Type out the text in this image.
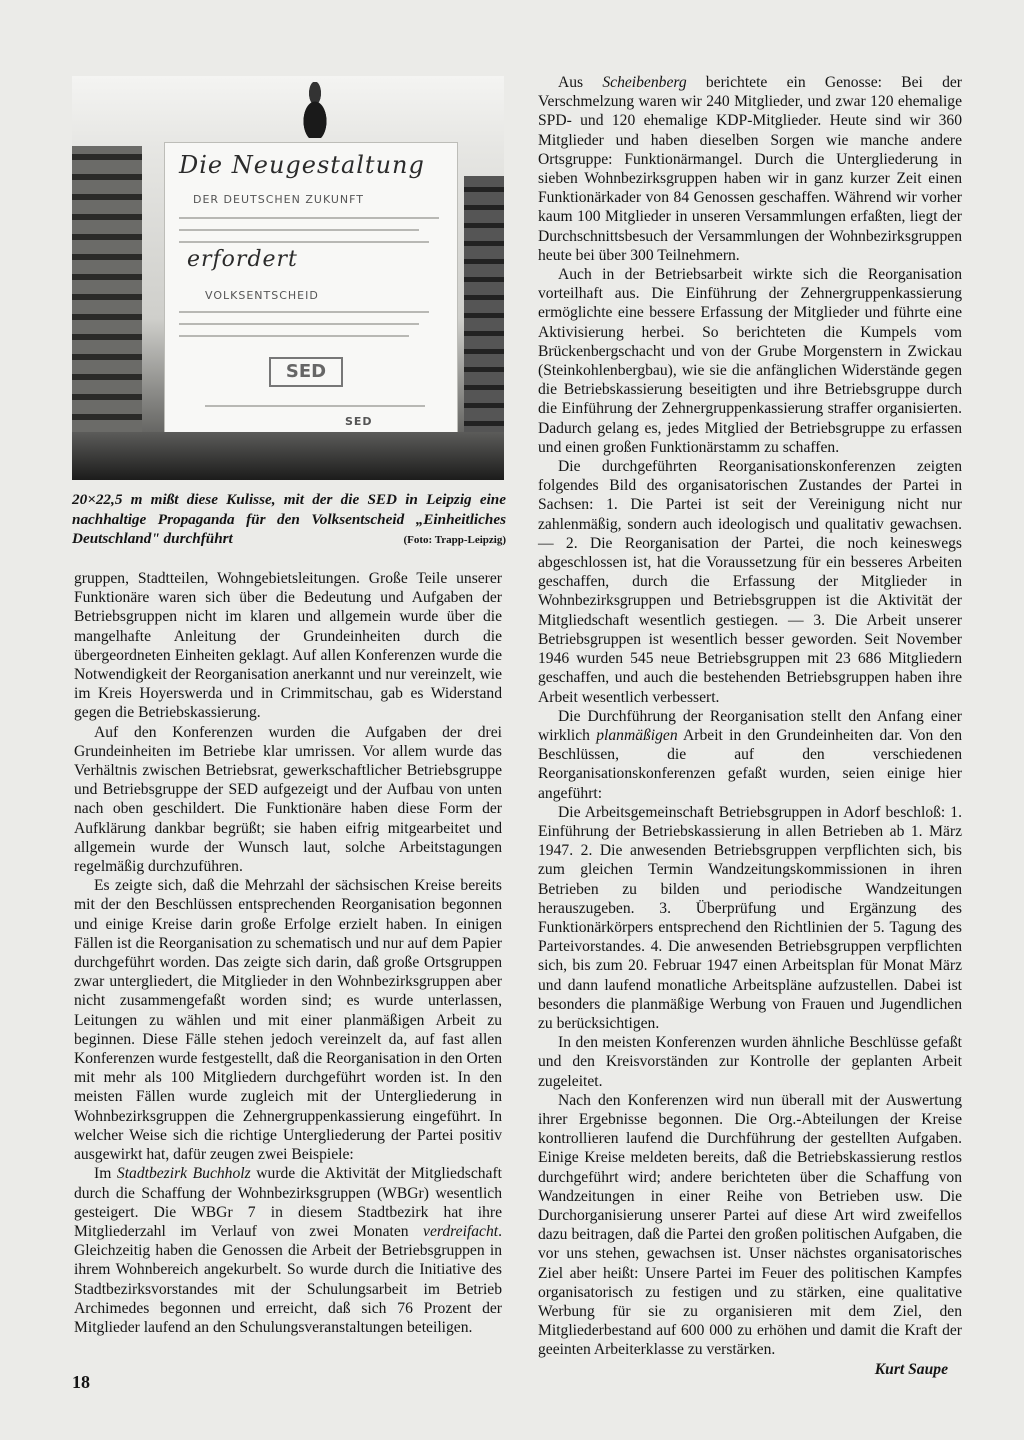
Die Neugestaltung
DER DEUTSCHEN ZUKUNFT
erfordert
VOLKSENTSCHEID
SED
SED
20×22,5 m mißt diese Kulisse, mit der die SED in Leipzig eine nachhaltige Propaganda für den Volksentscheid „Einheitliches Deutschland" durchführt	(Foto: Trapp-Leipzig)

gruppen, Stadtteilen, Wohngebietsleitungen. Große Teile unserer Funktionäre waren sich über die Bedeutung und Aufgaben der Betriebsgruppen nicht im klaren und allgemein wurde über die mangelhafte Anleitung der Grundeinheiten durch die übergeordneten Einheiten geklagt. Auf allen Konferenzen wurde die Notwendigkeit der Reorganisation anerkannt und nur vereinzelt, wie im Kreis Hoyerswerda und in Crimmitschau, gab es Widerstand gegen die Betriebskassierung.

Auf den Konferenzen wurden die Aufgaben der drei Grundeinheiten im Betriebe klar umrissen. Vor allem wurde das Verhältnis zwischen Betriebsrat, gewerkschaftlicher Betriebsgruppe und Betriebsgruppe der SED aufgezeigt und der Aufbau von unten nach oben geschildert. Die Funktionäre haben diese Form der Aufklärung dankbar begrüßt; sie haben eifrig mitgearbeitet und allgemein wurde der Wunsch laut, solche Arbeitstagungen regelmäßig durchzuführen.

Es zeigte sich, daß die Mehrzahl der sächsischen Kreise bereits mit der den Beschlüssen entsprechenden Reorganisation begonnen und einige Kreise darin große Erfolge erzielt haben. In einigen Fällen ist die Reorganisation zu schematisch und nur auf dem Papier durchgeführt worden. Das zeigte sich darin, daß große Ortsgruppen zwar untergliedert, die Mitglieder in den Wohnbezirksgruppen aber nicht zusammengefaßt worden sind; es wurde unterlassen, Leitungen zu wählen und mit einer planmäßigen Arbeit zu beginnen. Diese Fälle stehen jedoch vereinzelt da, auf fast allen Konferenzen wurde festgestellt, daß die Reorganisation in den Orten mit mehr als 100 Mitgliedern durchgeführt worden ist. In den meisten Fällen wurde zugleich mit der Untergliederung in Wohnbezirksgruppen die Zehnergruppenkassierung eingeführt. In welcher Weise sich die richtige Untergliederung der Partei positiv ausgewirkt hat, dafür zeugen zwei Beispiele:

Im Stadtbezirk Buchholz wurde die Aktivität der Mitgliedschaft durch die Schaffung der Wohnbezirksgruppen (WBGr) wesentlich gesteigert. Die WBGr 7 in diesem Stadtbezirk hat ihre Mitgliederzahl im Verlauf von zwei Monaten verdreifacht. Gleichzeitig haben die Genossen die Arbeit der Betriebsgruppen in ihrem Wohnbereich angekurbelt. So wurde durch die Initiative des Stadtbezirksvorstandes mit der Schulungsarbeit im Betrieb Archimedes begonnen und erreicht, daß sich 76 Prozent der Mitglieder laufend an den Schulungsveranstaltungen beteiligen.

Aus Scheibenberg berichtete ein Genosse: Bei der Verschmelzung waren wir 240 Mitglieder, und zwar 120 ehemalige SPD- und 120 ehemalige KDP-Mitglieder. Heute sind wir 360 Mitglieder und haben dieselben Sorgen wie manche andere Ortsgruppe: Funktionärmangel. Durch die Untergliederung in sieben Wohnbezirksgruppen haben wir in ganz kurzer Zeit einen Funktionärkader von 84 Genossen geschaffen. Während wir vorher kaum 100 Mitglieder in unseren Versammlungen erfaßten, liegt der Durchschnittsbesuch der Versammlungen der Wohnbezirksgruppen heute bei über 300 Teilnehmern.

Auch in der Betriebsarbeit wirkte sich die Reorganisation vorteilhaft aus. Die Einführung der Zehnergruppenkassierung ermöglichte eine bessere Erfassung der Mitglieder und führte eine Aktivisierung herbei. So berichteten die Kumpels vom Brückenbergschacht und von der Grube Morgenstern in Zwickau (Steinkohlenbergbau), wie sie die anfänglichen Widerstände gegen die Betriebskassierung beseitigten und ihre Betriebsgruppe durch die Einführung der Zehnergruppenkassierung straffer organisierten. Dadurch gelang es, jedes Mitglied der Betriebsgruppe zu erfassen und einen großen Funktionärstamm zu schaffen.

Die durchgeführten Reorganisationskonferenzen zeigten folgendes Bild des organisatorischen Zustandes der Partei in Sachsen: 1. Die Partei ist seit der Vereinigung nicht nur zahlenmäßig, sondern auch ideologisch und qualitativ gewachsen. — 2. Die Reorganisation der Partei, die noch keineswegs abgeschlossen ist, hat die Voraussetzung für ein besseres Arbeiten geschaffen, durch die Erfassung der Mitglieder in Wohnbezirksgruppen und Betriebsgruppen ist die Aktivität der Mitgliedschaft wesentlich gestiegen. — 3. Die Arbeit unserer Betriebsgruppen ist wesentlich besser geworden. Seit November 1946 wurden 545 neue Betriebsgruppen mit 23 686 Mitgliedern geschaffen, und auch die bestehenden Betriebsgruppen haben ihre Arbeit wesentlich verbessert.

Die Durchführung der Reorganisation stellt den Anfang einer wirklich planmäßigen Arbeit in den Grundeinheiten dar. Von den Beschlüssen, die auf den verschiedenen Reorganisationskonferenzen gefaßt wurden, seien einige hier angeführt:

Die Arbeitsgemeinschaft Betriebsgruppen in Adorf beschloß: 1. Einführung der Betriebskassierung in allen Betrieben ab 1. März 1947. 2. Die anwesenden Betriebsgruppen verpflichten sich, bis zum gleichen Termin Wandzeitungskommissionen in ihren Betrieben zu bilden und periodische Wandzeitungen herauszugeben. 3. Überprüfung und Ergänzung des Funktionärkörpers entsprechend den Richtlinien der 5. Tagung des Parteivorstandes. 4. Die anwesenden Betriebsgruppen verpflichten sich, bis zum 20. Februar 1947 einen Arbeitsplan für Monat März und dann laufend monatliche Arbeitspläne aufzustellen. Dabei ist besonders die planmäßige Werbung von Frauen und Jugendlichen zu berücksichtigen.

In den meisten Konferenzen wurden ähnliche Beschlüsse gefaßt und den Kreisvorständen zur Kontrolle der geplanten Arbeit zugeleitet.

Nach den Konferenzen wird nun überall mit der Auswertung ihrer Ergebnisse begonnen. Die Org.-Abteilungen der Kreise kontrollieren laufend die Durchführung der gestellten Aufgaben. Einige Kreise meldeten bereits, daß die Betriebskassierung restlos durchgeführt wird; andere berichteten über die Schaffung von Wandzeitungen in einer Reihe von Betrieben usw. Die Durchorganisierung unserer Partei auf diese Art wird zweifellos dazu beitragen, daß die Partei den großen politischen Aufgaben, die vor uns stehen, gewachsen ist. Unser nächstes organisatorisches Ziel aber heißt: Unsere Partei im Feuer des politischen Kampfes organisatorisch zu festigen und zu stärken, eine qualitative Werbung für sie zu organisieren mit dem Ziel, den Mitgliederbestand auf 600 000 zu erhöhen und damit die Kraft der geeinten Arbeiterklasse zu verstärken.

Kurt Saupe

18
